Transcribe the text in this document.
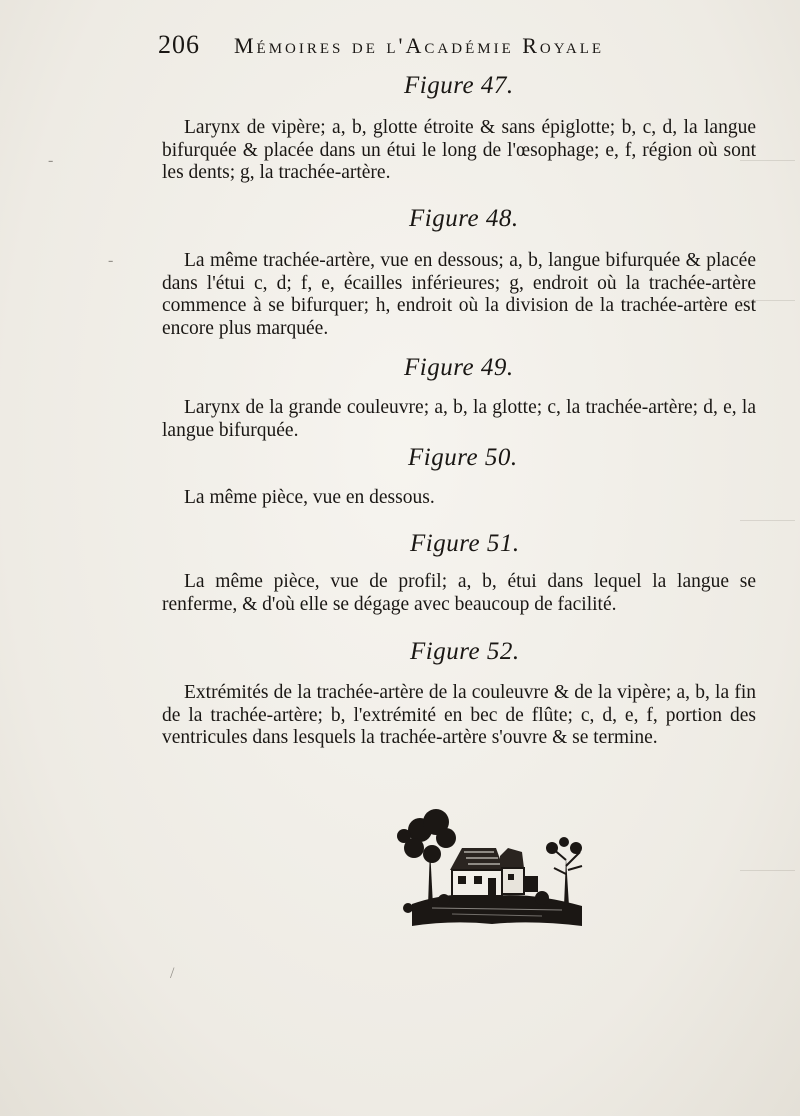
206 Mémoires de l'Académie Royale
Figure 47.
Larynx de vipère; a, b, glotte étroite & sans épiglotte; b, c, d, la langue bifurquée & placée dans un étui le long de l'œsophage; e, f, région où sont les dents; g, la trachée-artère.
Figure 48.
La même trachée-artère, vue en dessous; a, b, langue bifurquée & placée dans l'étui c, d; f, e, écailles inférieures; g, endroit où la trachée-artère commence à se bifurquer; h, endroit où la division de la trachée-artère est encore plus marquée.
Figure 49.
Larynx de la grande couleuvre; a, b, la glotte; c, la trachée-artère; d, e, la langue bifurquée.
Figure 50.
La même pièce, vue en dessous.
Figure 51.
La même pièce, vue de profil; a, b, étui dans lequel la langue se renferme, & d'où elle se dégage avec beaucoup de facilité.
Figure 52.
Extrémités de la trachée-artère de la couleuvre & de la vipère; a, b, la fin de la trachée-artère; b, l'extrémité en bec de flûte; c, d, e, f, portion des ventricules dans lesquels la trachée-artère s'ouvre & se termine.
-
-
/
